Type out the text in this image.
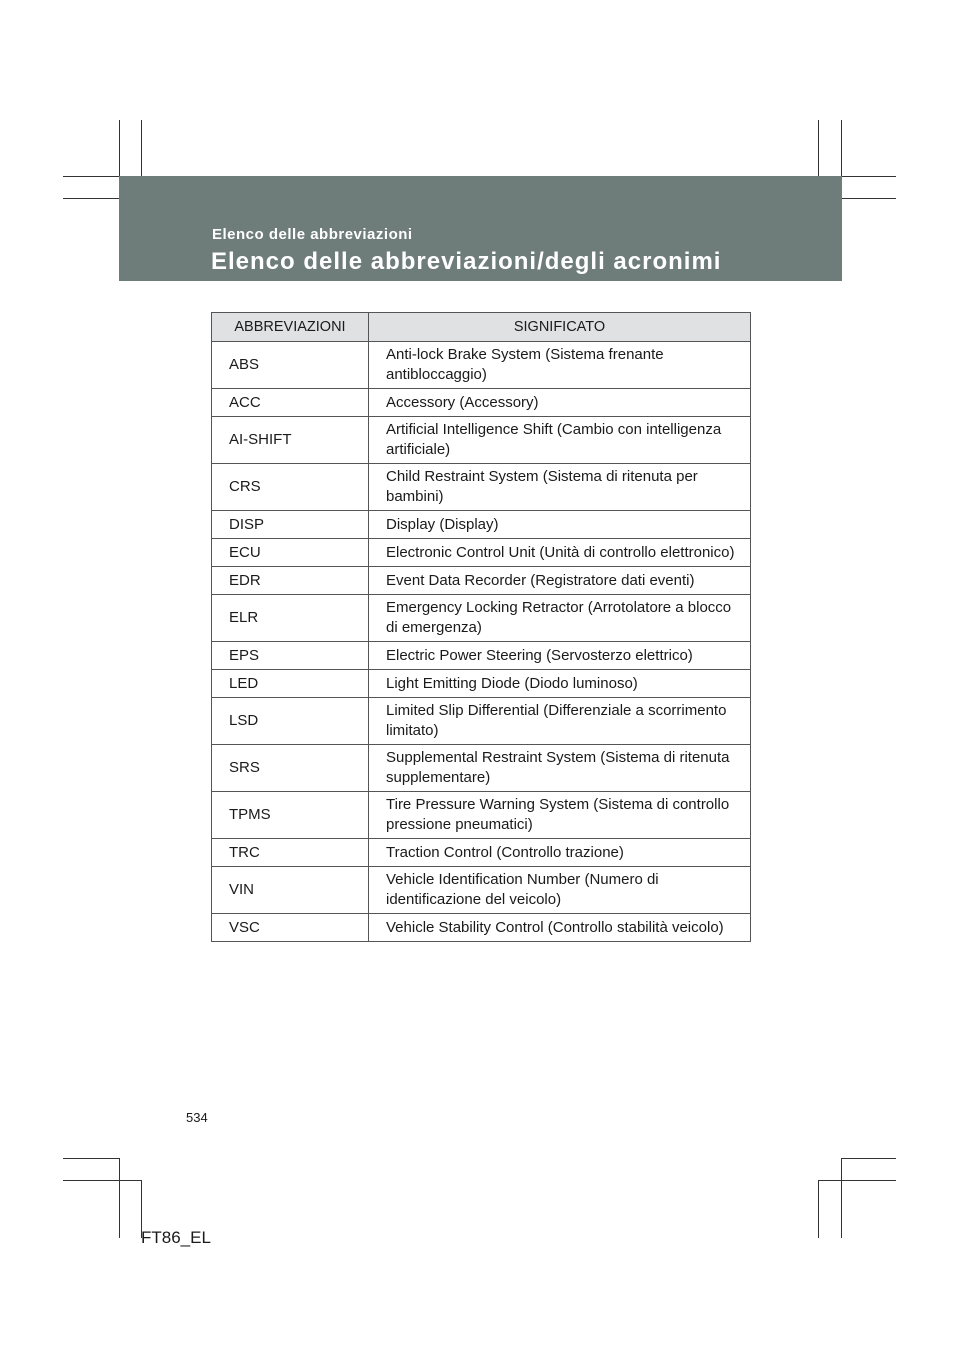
Elenco delle abbreviazioni
Elenco delle abbreviazioni/degli acronimi
ABBREVIAZIONI	SIGNIFICATO
ABS	Anti-lock Brake System (Sistema frenante antibloccaggio)
ACC	Accessory (Accessory)
AI-SHIFT	Artificial Intelligence Shift (Cambio con intelligenza artificiale)
CRS	Child Restraint System (Sistema di ritenuta per bambini)
DISP	Display (Display)
ECU	Electronic Control Unit (Unità di controllo elettronico)
EDR	Event Data Recorder (Registratore dati eventi)
ELR	Emergency Locking Retractor (Arrotolatore a blocco di emergenza)
EPS	Electric Power Steering (Servosterzo elettrico)
LED	Light Emitting Diode (Diodo luminoso)
LSD	Limited Slip Differential (Differenziale a scorrimento limitato)
SRS	Supplemental Restraint System (Sistema di ritenuta supplementare)
TPMS	Tire Pressure Warning System (Sistema di controllo pressione pneumatici)
TRC	Traction Control (Controllo trazione)
VIN	Vehicle Identification Number (Numero di identificazione del veicolo)
VSC	Vehicle Stability Control (Controllo stabilità veicolo)
534
FT86_EL
